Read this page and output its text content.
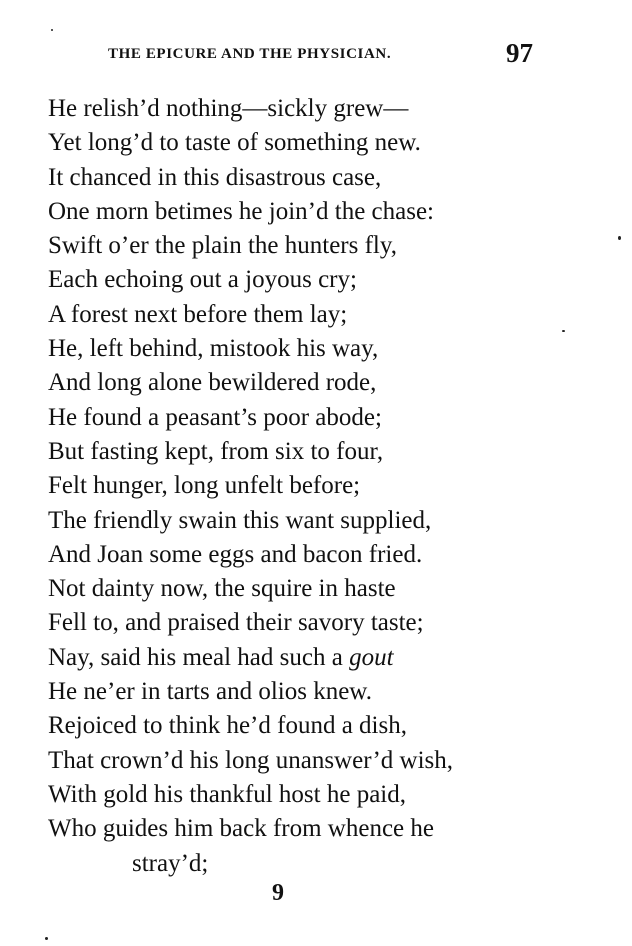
THE EPICURE AND THE PHYSICIAN.	97
He relish’d nothing—sickly grew—
Yet long’d to taste of something new.
It chanced in this disastrous case,
One morn betimes he join’d the chase:
Swift o’er the plain the hunters fly,
Each echoing out a joyous cry;
A forest next before them lay;
He, left behind, mistook his way,
And long alone bewildered rode,
He found a peasant’s poor abode;
But fasting kept, from six to four,
Felt hunger, long unfelt before;
The friendly swain this want supplied,
And Joan some eggs and bacon fried.
Not dainty now, the squire in haste
Fell to, and praised their savory taste;
Nay, said his meal had such a gout
He ne’er in tarts and olios knew.
Rejoiced to think he’d found a dish,
That crown’d his long unanswer’d wish,
With gold his thankful host he paid,
Who guides him back from whence he
stray’d;
9
